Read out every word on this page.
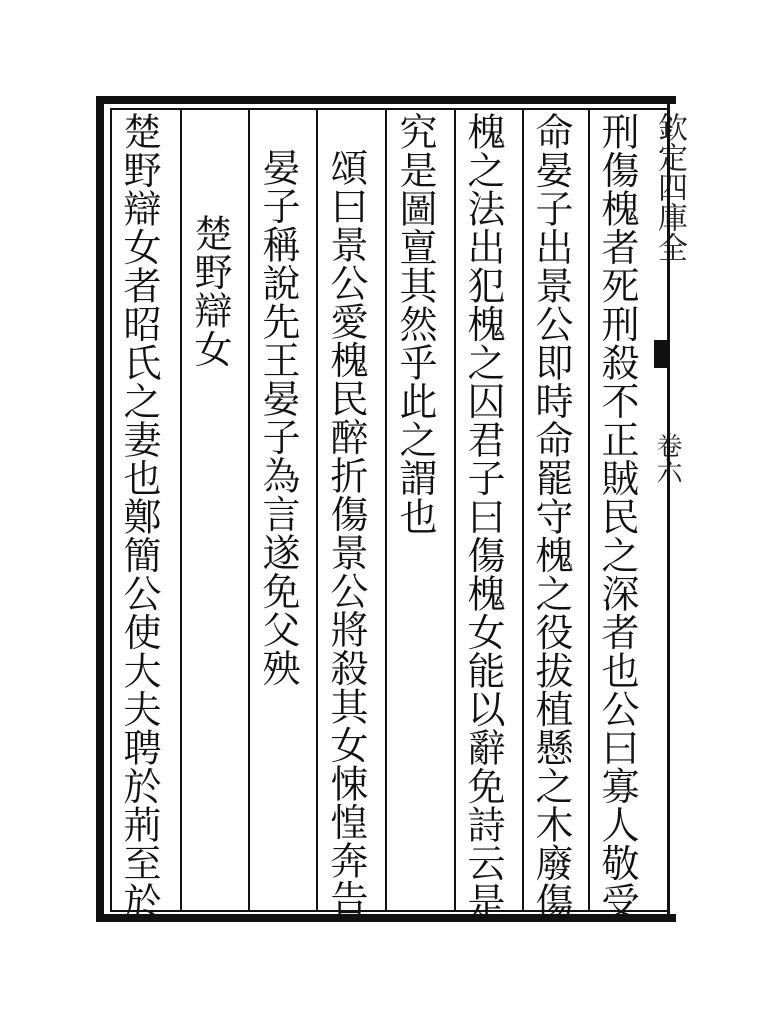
刑傷槐者死刑殺不正賊民之深者也公曰寡人敬受
命晏子出景公即時命罷守槐之役拔植懸之木廢傷
槐之法出犯槐之囚君子曰傷槐女能以辭免詩云是
究是圖亶其然乎此之謂也
頌曰景公愛槐民醉折傷景公將殺其女悚惶奔告
晏子稱說先王晏子為言遂免父殃
楚野辯女
楚野辯女者昭氏之妻也鄭簡公使大夫聘於荊至於	欽定四庫全
卷六
